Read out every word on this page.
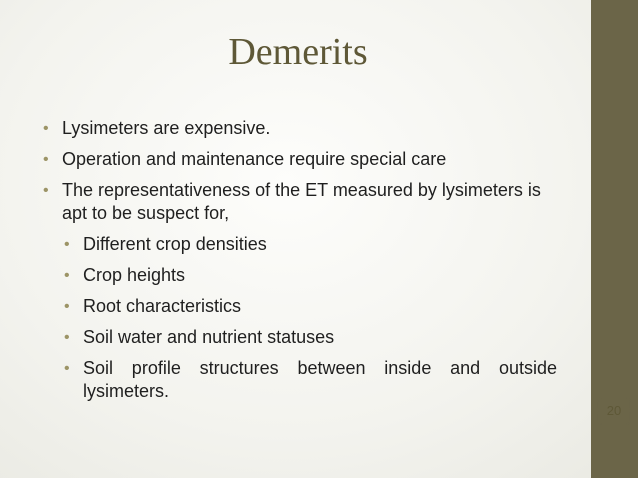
Demerits
• Lysimeters are expensive.
• Operation and maintenance require special care
• The representativeness of the ET measured by lysimeters is apt to be suspect for,
• Different crop densities
• Crop heights
• Root characteristics
• Soil water and nutrient statuses
• Soil profile structures between inside and outside lysimeters.
20
